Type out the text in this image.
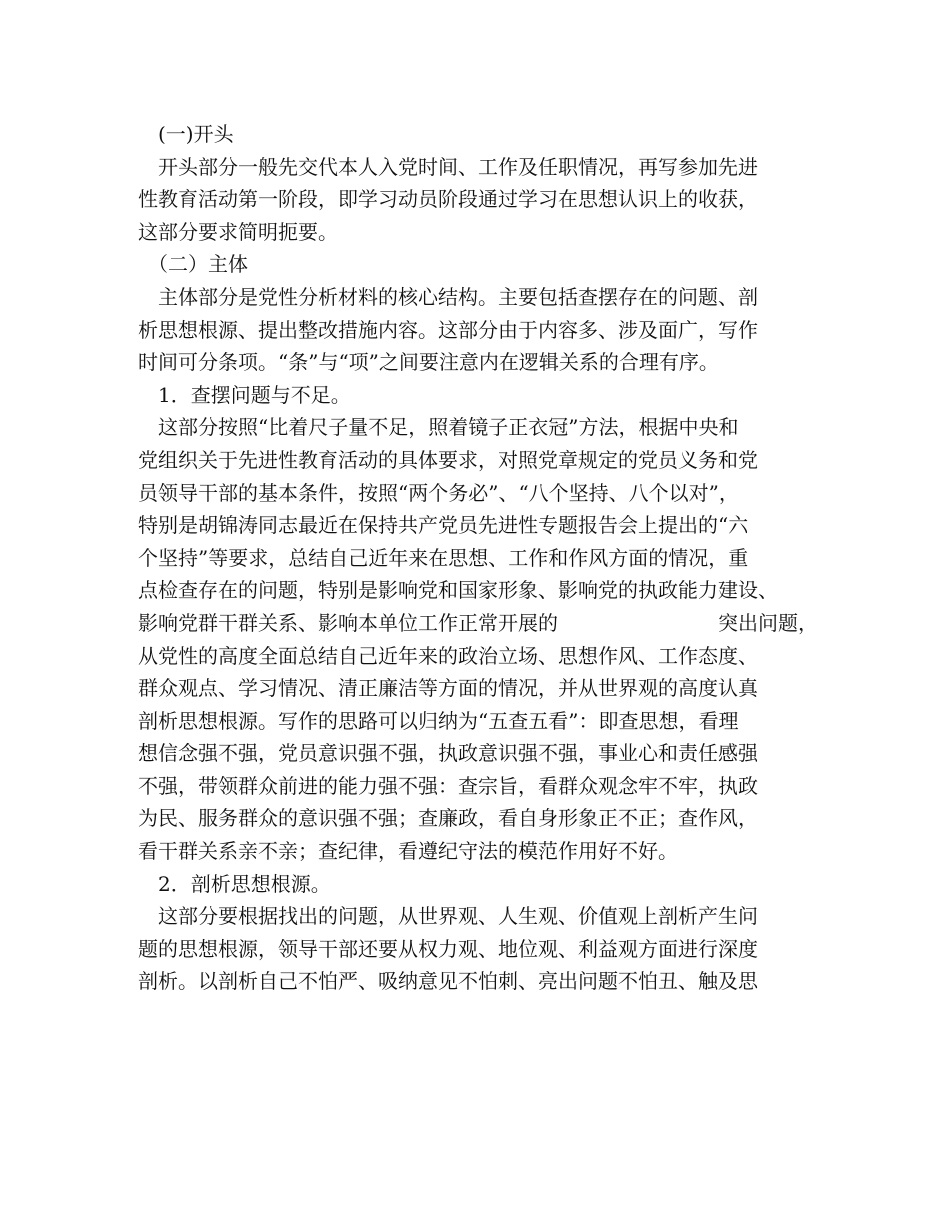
　(一)开头
　开头部分一般先交代本人入党时间、工作及任职情况，再写参加先进
性教育活动第一阶段，即学习动员阶段通过学习在思想认识上的收获，
这部分要求简明扼要。
　（二）主体
　主体部分是党性分析材料的核心结构。主要包括查摆存在的问题、剖
析思想根源、提出整改措施内容。这部分由于内容多、涉及面广，写作
时间可分条项。“条”与“项”之间要注意内在逻辑关系的合理有序。
　1．查摆问题与不足。
　这部分按照“比着尺子量不足，照着镜子正衣冠”方法，根据中央和
党组织关于先进性教育活动的具体要求，对照党章规定的党员义务和党
员领导干部的基本条件，按照“两个务必”、“八个坚持、八个以对”，
特别是胡锦涛同志最近在保持共产党员先进性专题报告会上提出的“六
个坚持”等要求，总结自己近年来在思想、工作和作风方面的情况，重
点检查存在的问题，特别是影响党和国家形象、影响党的执政能力建设、
影响党群干群关系、影响本单位工作正常开展的	突出问题，
从党性的高度全面总结自己近年来的政治立场、思想作风、工作态度、
群众观点、学习情况、清正廉洁等方面的情况，并从世界观的高度认真
剖析思想根源。写作的思路可以归纳为“五查五看”：即查思想，看理
想信念强不强，党员意识强不强，执政意识强不强，事业心和责任感强
不强，带领群众前进的能力强不强：查宗旨，看群众观念牢不牢，执政
为民、服务群众的意识强不强；查廉政，看自身形象正不正；查作风，
看干群关系亲不亲；查纪律，看遵纪守法的模范作用好不好。
　2．剖析思想根源。
　这部分要根据找出的问题，从世界观、人生观、价值观上剖析产生问
题的思想根源，领导干部还要从权力观、地位观、利益观方面进行深度
剖析。以剖析自己不怕严、吸纳意见不怕刺、亮出问题不怕丑、触及思
